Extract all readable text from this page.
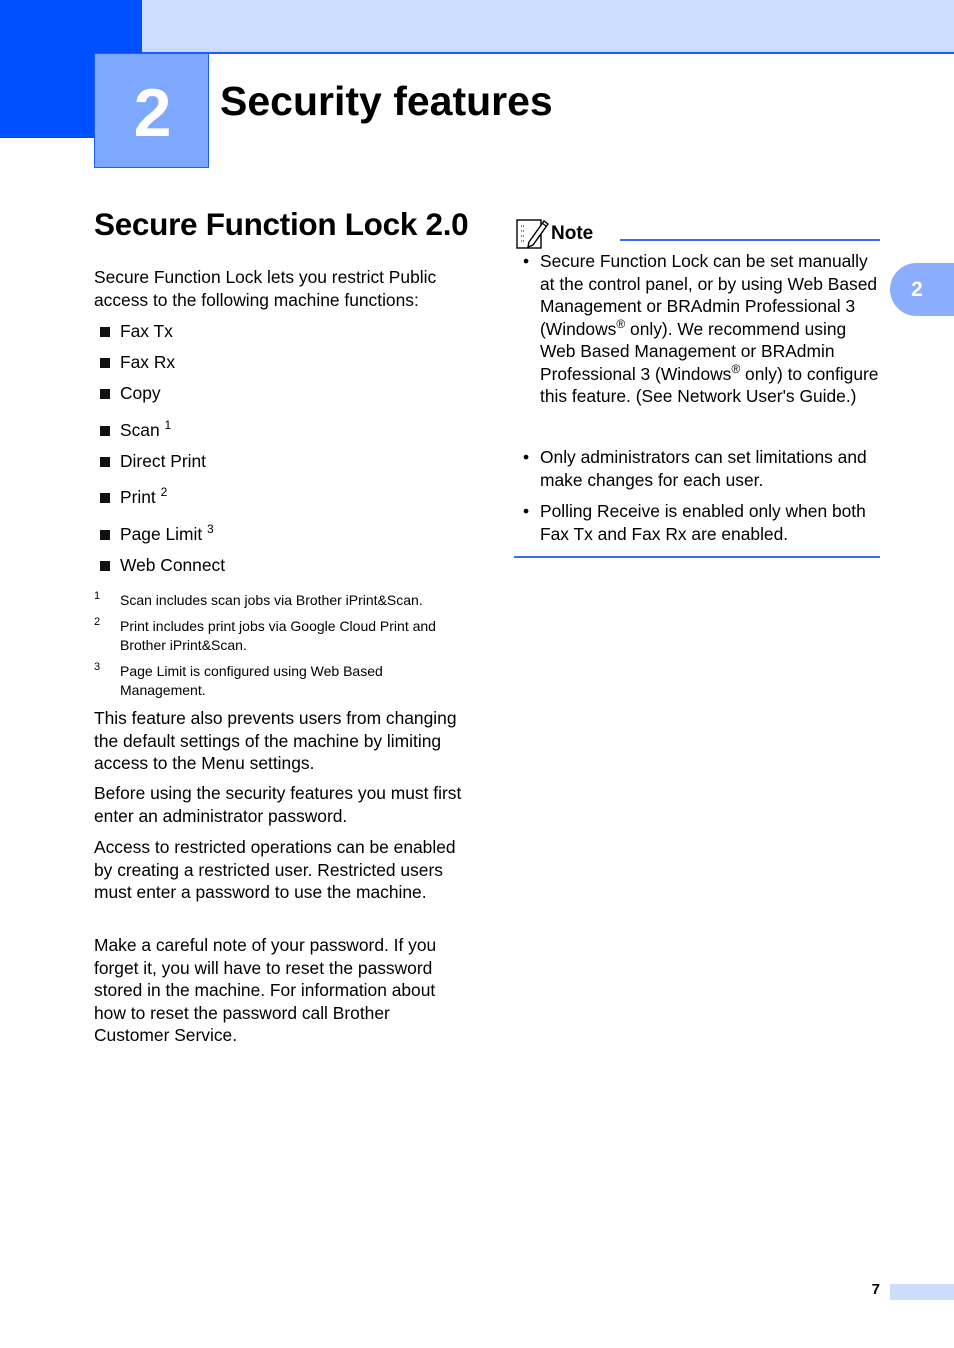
2	Security features
2
Secure Function Lock 2.0
Secure Function Lock lets you restrict Public access to the following machine functions:
Fax Tx
Fax Rx
Copy
Scan $^1$
Direct Print
Print $^2$
Page Limit $^3$
Web Connect
1 Scan includes scan jobs via Brother iPrint&Scan.
2 Print includes print jobs via Google Cloud Print and Brother iPrint&Scan.
3 Page Limit is configured using Web Based Management.
This feature also prevents users from changing the default settings of the machine by limiting access to the Menu settings.
Before using the security features you must first enter an administrator password.
Access to restricted operations can be enabled by creating a restricted user. Restricted users must enter a password to use the machine.
Make a careful note of your password. If you forget it, you will have to reset the password stored in the machine. For information about how to reset the password call Brother Customer Service.
Note
• Secure Function Lock can be set manually at the control panel, or by using Web Based Management or BRAdmin Professional 3 (Windows® only). We recommend using Web Based Management or BRAdmin Professional 3 (Windows® only) to configure this feature. (See Network User's Guide.)
• Only administrators can set limitations and make changes for each user.
• Polling Receive is enabled only when both Fax Tx and Fax Rx are enabled.
7
